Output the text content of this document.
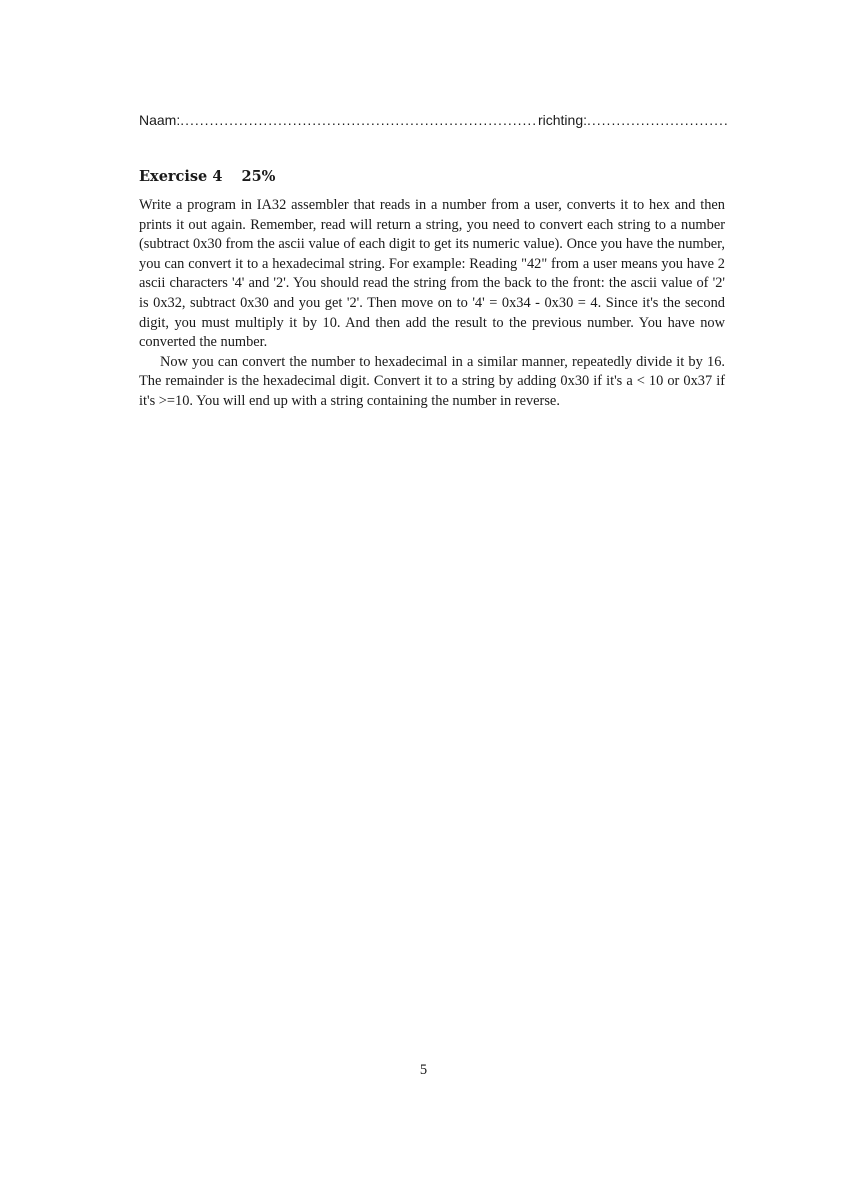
Naam:
.....	richting:
.....
Exercise 4 25%

Write a program in IA32 assembler that reads in a number from a user, converts it to hex and then prints it out again. Remember, read will return a string, you need to convert each string to a number (subtract 0x30 from the ascii value of each digit to get its numeric value). Once you have the number, you can convert it to a hexadecimal string. For example: Reading "42" from a user means you have 2 ascii characters '4' and '2'. You should read the string from the back to the front: the ascii value of '2' is 0x32, subtract 0x30 and you get '2'. Then move on to '4' = 0x34 - 0x30 = 4. Since it's the second digit, you must multiply it by 10. And then add the result to the previous number. You have now converted the number.

Now you can convert the number to hexadecimal in a similar manner, repeatedly divide it by 16. The remainder is the hexadecimal digit. Convert it to a string by adding 0x30 if it's a < 10 or 0x37 if it's >=10. You will end up with a string containing the number in reverse.

5
